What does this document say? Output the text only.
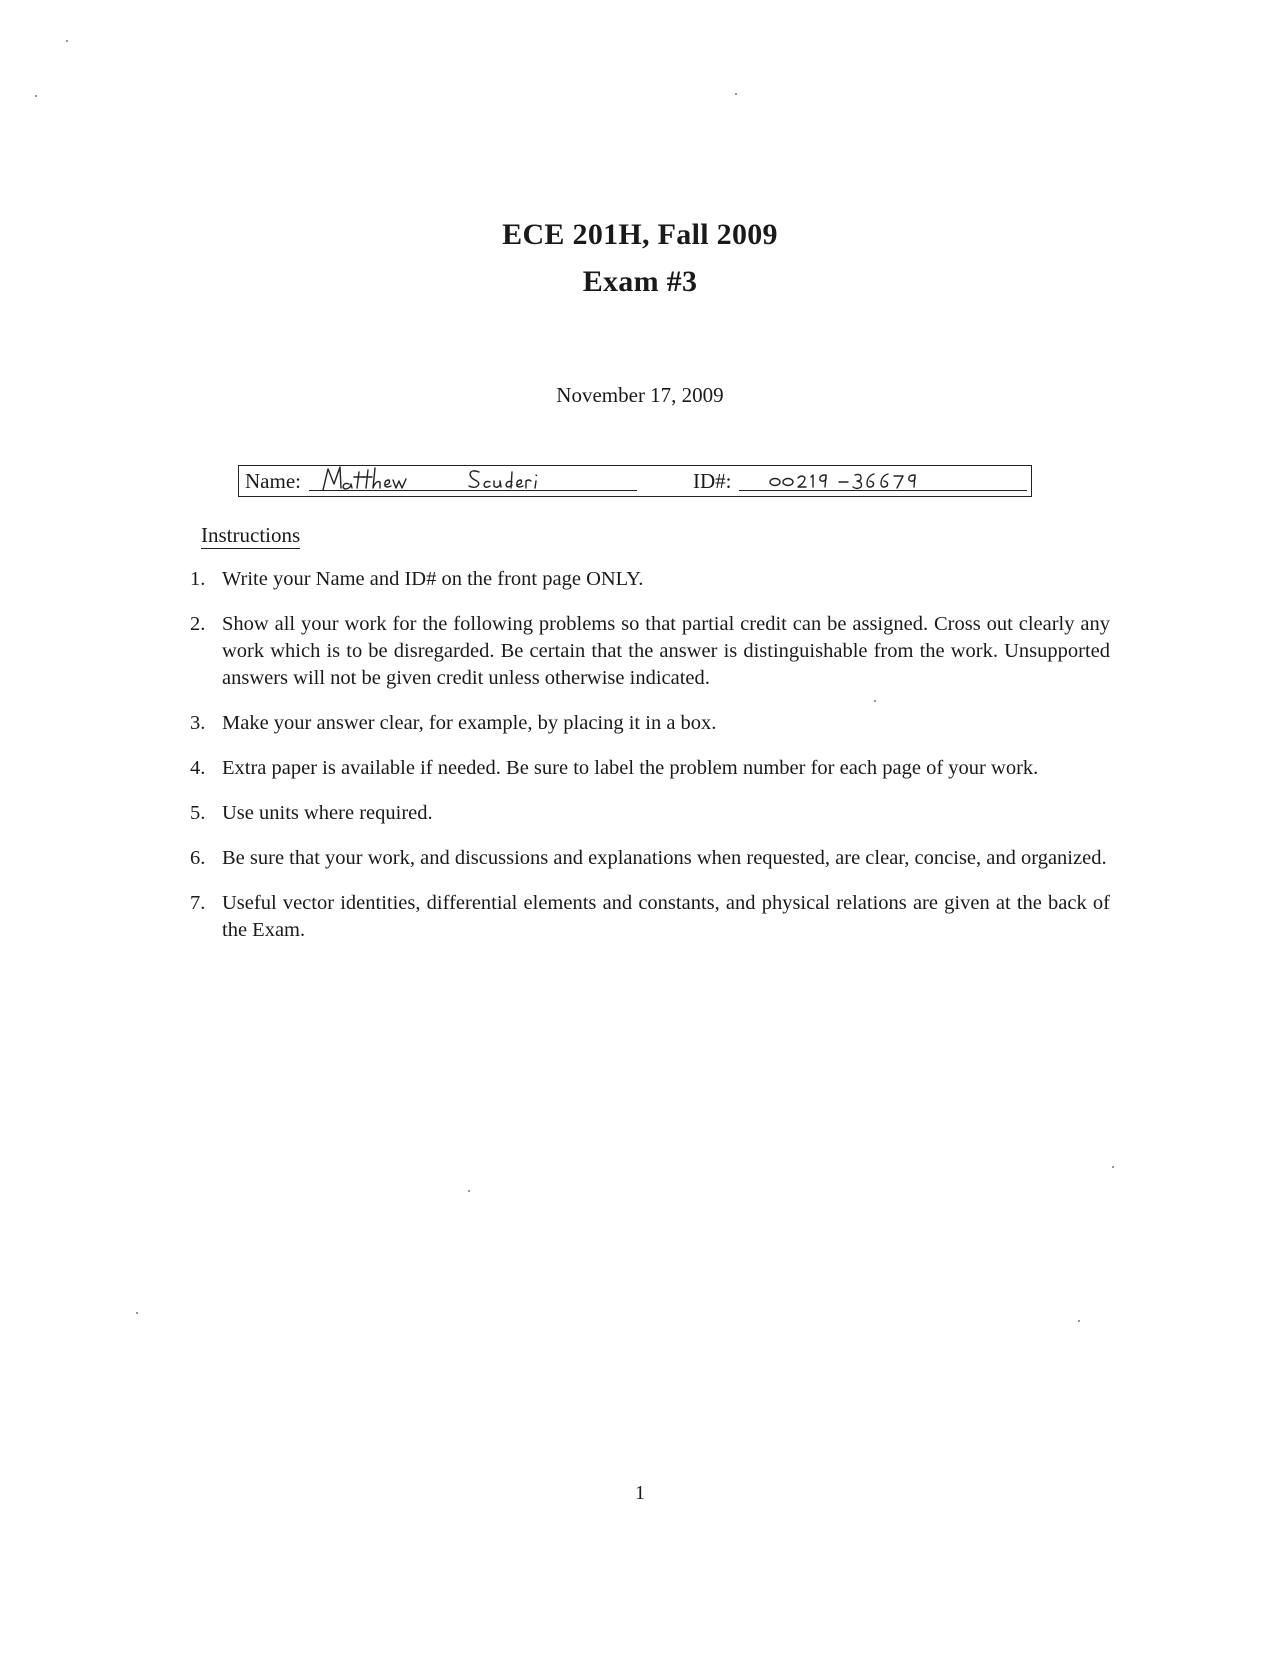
ECE 201H, Fall 2009
Exam #3
November 17, 2009
Name:	ID#:
Instructions
1. Write your Name and ID# on the front page ONLY.
2. Show all your work for the following problems so that partial credit can be assigned. Cross out clearly any work which is to be disregarded. Be certain that the answer is distinguishable from the work. Unsupported answers will not be given credit unless otherwise indicated.
3. Make your answer clear, for example, by placing it in a box.
4. Extra paper is available if needed. Be sure to label the problem number for each page of your work.
5. Use units where required.
6. Be sure that your work, and discussions and explanations when requested, are clear, concise, and organized.
7. Useful vector identities, differential elements and constants, and physical relations are given at the back of the Exam.
1
